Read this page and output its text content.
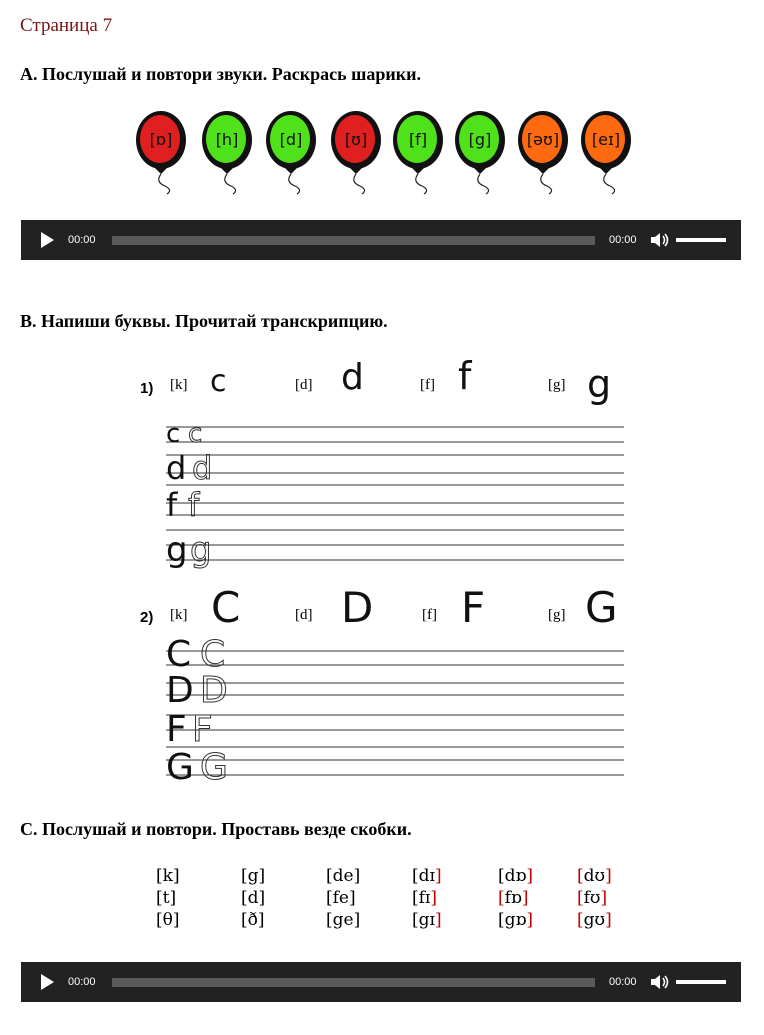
Страница 7
А. Послушай и повтори звуки. Раскрась шарики.
[ɒ]	[h]	[d]	[ʊ]	[f]	[g]	[əʊ]	[eɪ]
00:00	00:00
В. Напиши буквы. Прочитай транскрипцию.
1)
2)
[k] c	[d] d	[f] f	[g] g
c c
d d
f f
g g
[k] C	[d] D	[f] F	[g] G
C C
D D
F F
G G
С. Послушай и повтори. Проставь везде скобки.
[k]	[g]	[de]	[dɪ]	[dɒ]	[dʊ]
[t]	[d]	[fe]	[fɪ]	[fɒ]	[fʊ]
[θ]	[ð]	[ge]	[gɪ]	[gɒ]	[gʊ]
00:00	00:00
